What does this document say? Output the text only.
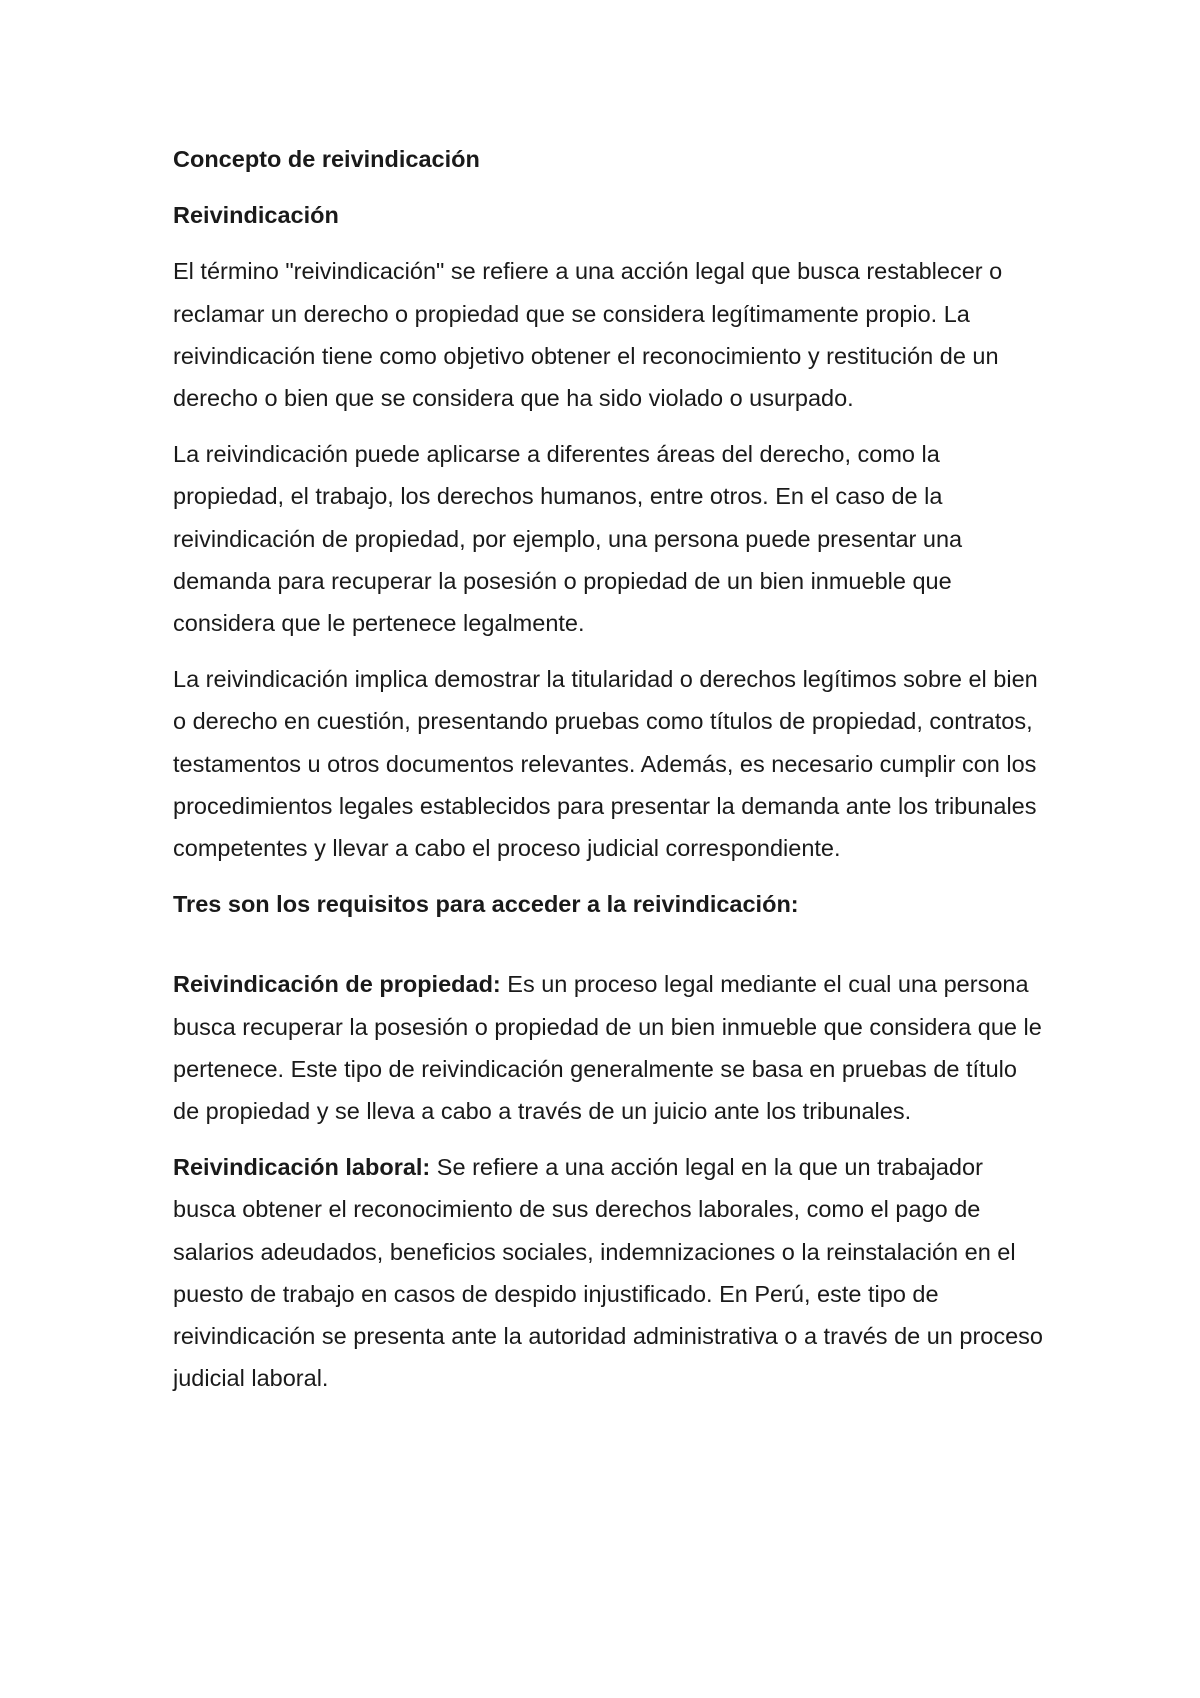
Concepto de reivindicación

Reivindicación

El término "reivindicación" se refiere a una acción legal que busca restablecer o reclamar un derecho o propiedad que se considera legítimamente propio. La reivindicación tiene como objetivo obtener el reconocimiento y restitución de un derecho o bien que se considera que ha sido violado o usurpado.

La reivindicación puede aplicarse a diferentes áreas del derecho, como la propiedad, el trabajo, los derechos humanos, entre otros. En el caso de la reivindicación de propiedad, por ejemplo, una persona puede presentar una demanda para recuperar la posesión o propiedad de un bien inmueble que considera que le pertenece legalmente.

La reivindicación implica demostrar la titularidad o derechos legítimos sobre el bien o derecho en cuestión, presentando pruebas como títulos de propiedad, contratos, testamentos u otros documentos relevantes. Además, es necesario cumplir con los procedimientos legales establecidos para presentar la demanda ante los tribunales competentes y llevar a cabo el proceso judicial correspondiente.

Tres son los requisitos para acceder a la reivindicación:

Reivindicación de propiedad: Es un proceso legal mediante el cual una persona busca recuperar la posesión o propiedad de un bien inmueble que considera que le pertenece. Este tipo de reivindicación generalmente se basa en pruebas de título de propiedad y se lleva a cabo a través de un juicio ante los tribunales.

Reivindicación laboral: Se refiere a una acción legal en la que un trabajador busca obtener el reconocimiento de sus derechos laborales, como el pago de salarios adeudados, beneficios sociales, indemnizaciones o la reinstalación en el puesto de trabajo en casos de despido injustificado. En Perú, este tipo de reivindicación se presenta ante la autoridad administrativa o a través de un proceso judicial laboral.
